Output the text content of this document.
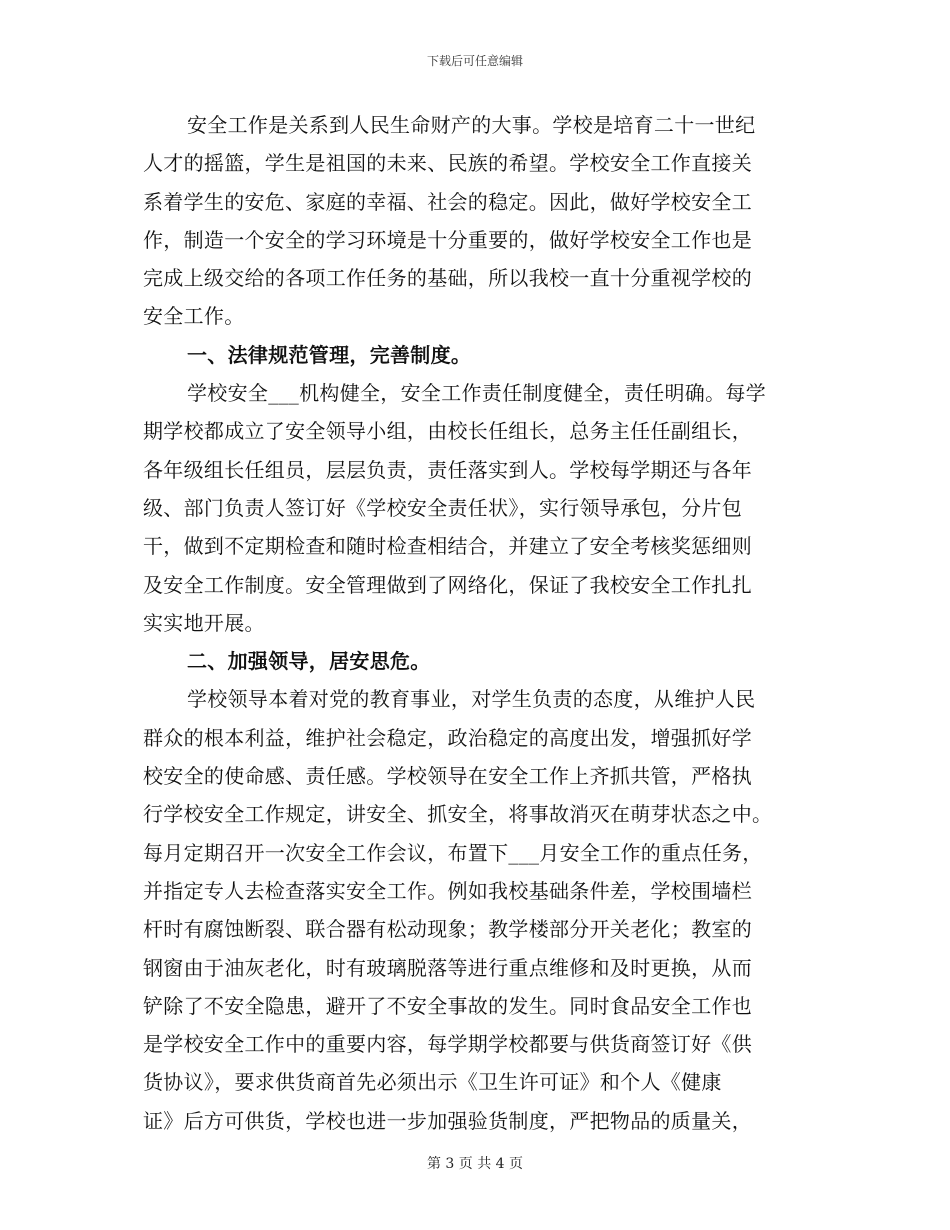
下载后可任意编辑
安全工作是关系到人民生命财产的大事。学校是培育二十一世纪
人才的摇篮，学生是祖国的未来、民族的希望。学校安全工作直接关
系着学生的安危、家庭的幸福、社会的稳定。因此，做好学校安全工
作，制造一个安全的学习环境是十分重要的，做好学校安全工作也是
完成上级交给的各项工作任务的基础，所以我校一直十分重视学校的
安全工作。
一、法律规范管理，完善制度。
学校安全___机构健全，安全工作责任制度健全，责任明确。每学
期学校都成立了安全领导小组，由校长任组长，总务主任任副组长，
各年级组长任组员，层层负责，责任落实到人。学校每学期还与各年
级、部门负责人签订好《学校安全责任状》，实行领导承包，分片包
干，做到不定期检查和随时检查相结合，并建立了安全考核奖惩细则
及安全工作制度。安全管理做到了网络化，保证了我校安全工作扎扎
实实地开展。
二、加强领导，居安思危。
学校领导本着对党的教育事业，对学生负责的态度，从维护人民
群众的根本利益，维护社会稳定，政治稳定的高度出发，增强抓好学
校安全的使命感、责任感。学校领导在安全工作上齐抓共管，严格执
行学校安全工作规定，讲安全、抓安全，将事故消灭在萌芽状态之中。
每月定期召开一次安全工作会议，布置下___月安全工作的重点任务，
并指定专人去检查落实安全工作。例如我校基础条件差，学校围墙栏
杆时有腐蚀断裂、联合器有松动现象；教学楼部分开关老化；教室的
钢窗由于油灰老化，时有玻璃脱落等进行重点维修和及时更换，从而
铲除了不安全隐患，避开了不安全事故的发生。同时食品安全工作也
是学校安全工作中的重要内容，每学期学校都要与供货商签订好《供
货协议》，要求供货商首先必须出示《卫生许可证》和个人《健康
证》后方可供货，学校也进一步加强验货制度，严把物品的质量关，
第 3 页 共 4 页
